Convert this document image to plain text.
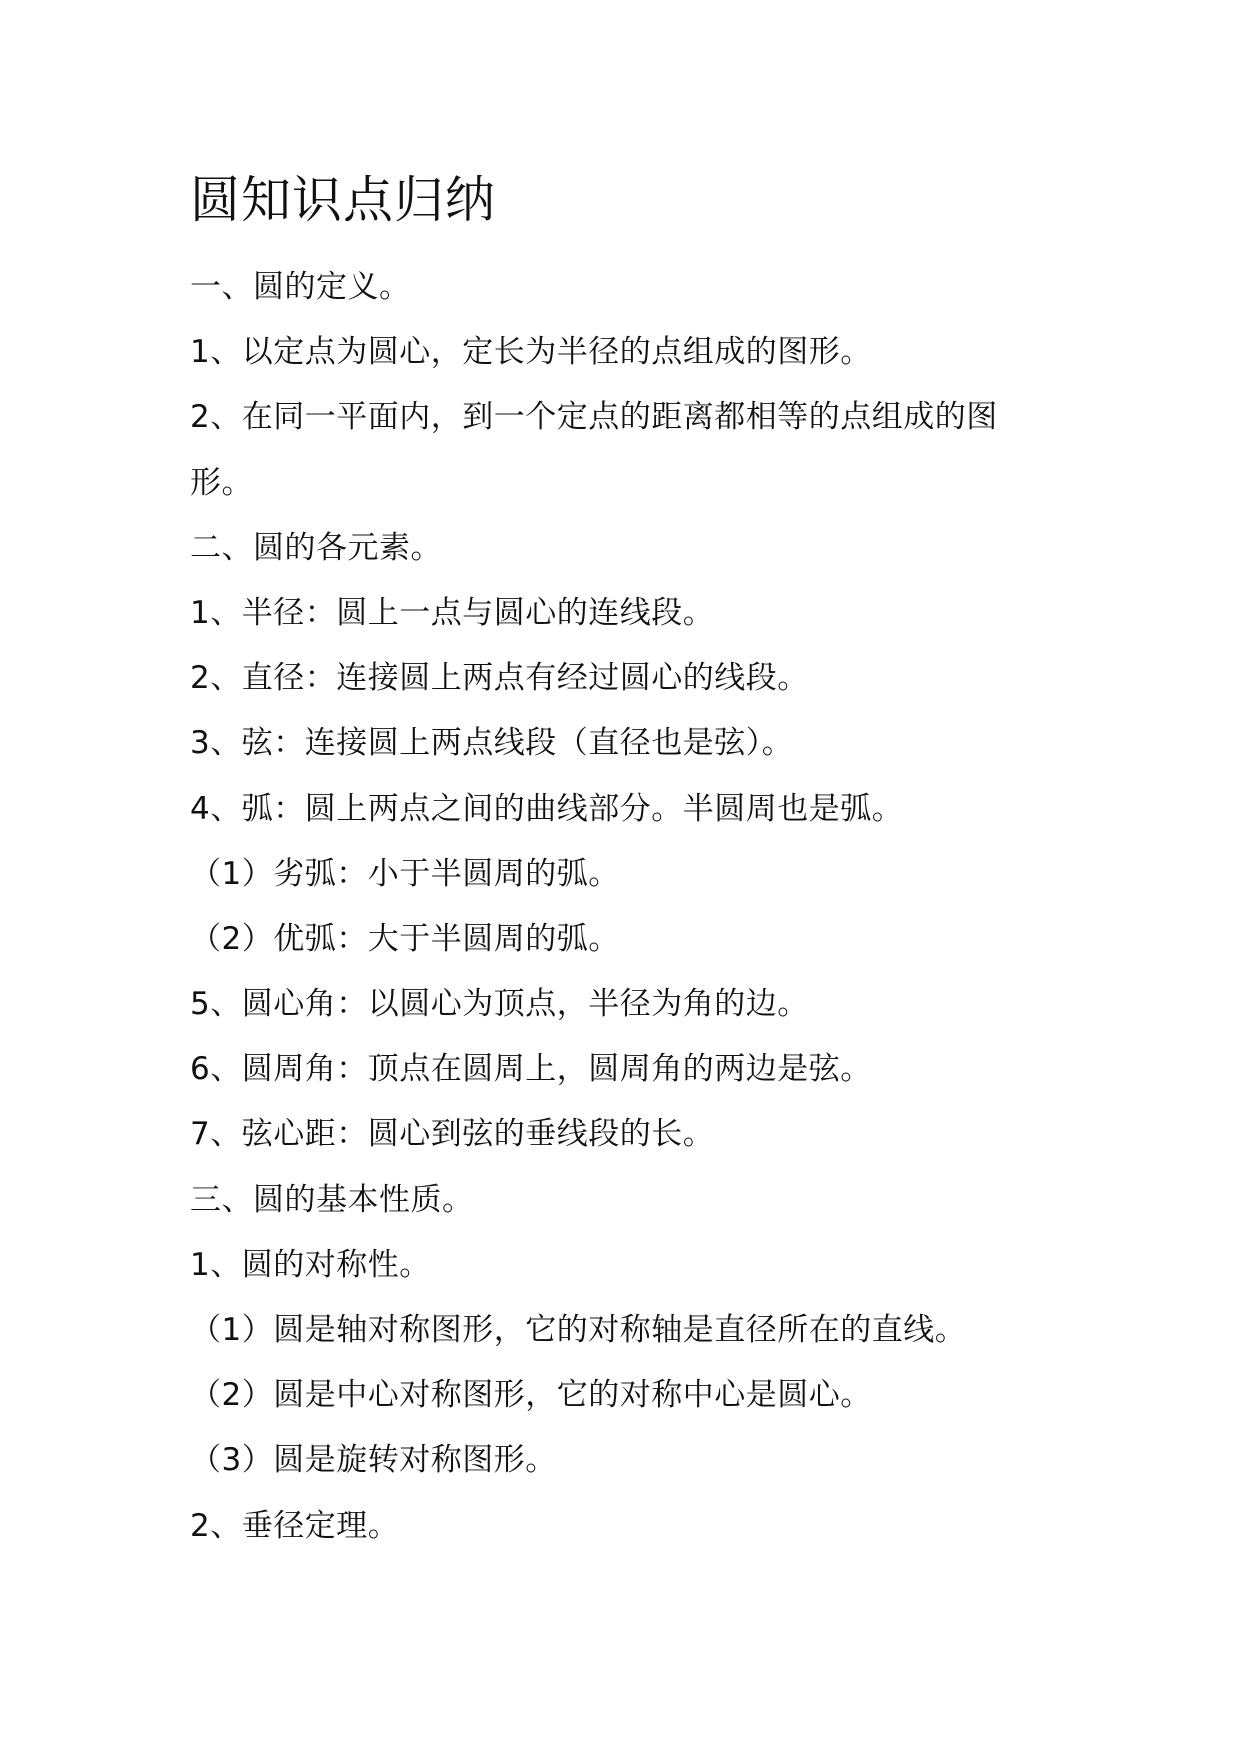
圆知识点归纳
一、圆的定义。
1、以定点为圆心，定长为半径的点组成的图形。
2、在同一平面内，到一个定点的距离都相等的点组成的图
形。
二、圆的各元素。
1、半径：圆上一点与圆心的连线段。
2、直径：连接圆上两点有经过圆心的线段。
3、弦：连接圆上两点线段（直径也是弦）。
4、弧：圆上两点之间的曲线部分。半圆周也是弧。
（1）劣弧：小于半圆周的弧。
（2）优弧：大于半圆周的弧。
5、圆心角：以圆心为顶点，半径为角的边。
6、圆周角：顶点在圆周上，圆周角的两边是弦。
7、弦心距：圆心到弦的垂线段的长。
三、圆的基本性质。
1、圆的对称性。
（1）圆是轴对称图形，它的对称轴是直径所在的直线。
（2）圆是中心对称图形，它的对称中心是圆心。
（3）圆是旋转对称图形。
2、垂径定理。
